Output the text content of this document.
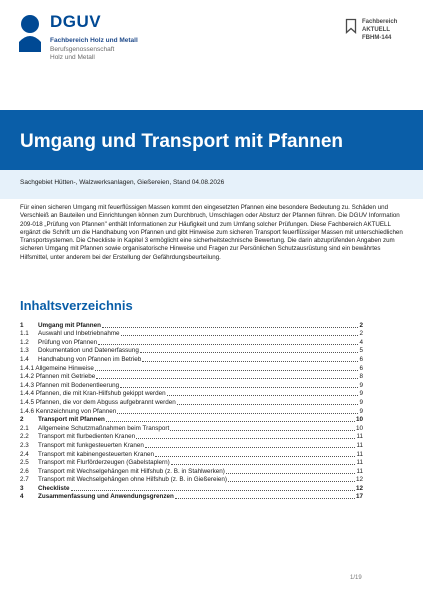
DGUV
Fachbereich Holz und Metall
Berufsgenossenschaft
Holz und Metall
Fachbereich
AKTUELL
FBHM-144
Umgang und Transport mit Pfannen
Sachgebiet Hütten-, Walzwerksanlagen, Gießereien, Stand 04.08.2026

Für einen sicheren Umgang mit feuerflüssigen Massen kommt den eingesetzten Pfannen eine besondere Bedeutung zu. Schäden und Verschleiß an Bauteilen und Einrichtungen können zum Durchbruch, Umschlagen oder Absturz der Pfannen führen. Die DGUV Information 209-018 „Prüfung von Pfannen" enthält Informationen zur Häufigkeit und zum Umfang solcher Prüfungen. Diese Fachbereich AKTUELL ergänzt die Schrift um die Handhabung von Pfannen und gibt Hinweise zum sicheren Transport feuerflüssiger Massen mit unterschiedlichen Transportsystemen. Die Checkliste in Kapitel 3 ermöglicht eine sicherheitstechnische Bewertung. Die darin abzuprüfenden Angaben zum sicheren Umgang mit Pfannen sowie organisatorische Hinweise und Fragen zur Persönlichen Schutzausrüstung sind ein bewährtes Hilfsmittel, unter anderem bei der Erstellung der Gefährdungsbeurteilung.

Inhaltsverzeichnis
1	Umgang mit Pfannen	2
1.1	Auswahl und Inbetriebnahme	2
1.2	Prüfung von Pfannen	4
1.3	Dokumentation und Datenerfassung	5
1.4	Handhabung von Pfannen im Betrieb	6
1.4.1 Allgemeine Hinweise	6
1.4.2 Pfannen mit Getriebe	8
1.4.3 Pfannen mit Bodenentleerung	9
1.4.4 Pfannen, die mit Kran-Hilfshub gekippt werden	9
1.4.5 Pfannen, die vor dem Abguss aufgebrannt werden	9
1.4.6 Kennzeichnung von Pfannen	9
2	Transport mit Pfannen	10
2.1	Allgemeine Schutzmaßnahmen beim Transport	10
2.2	Transport mit flurbedienten Kranen	11
2.3	Transport mit funkgesteuerten Kranen	11
2.4	Transport mit kabinengesteuerten Kranen	11
2.5	Transport mit Flurförderzeugen (Gabelstaplern)	11
2.6	Transport mit Wechselgehängen mit Hilfshub (z. B. in Stahlwerken)	11
2.7	Transport mit Wechselgehängen ohne Hilfshub (z. B. in Gießereien)	12
3	Checkliste	12
4	Zusammenfassung und Anwendungsgrenzen	17
1/19
